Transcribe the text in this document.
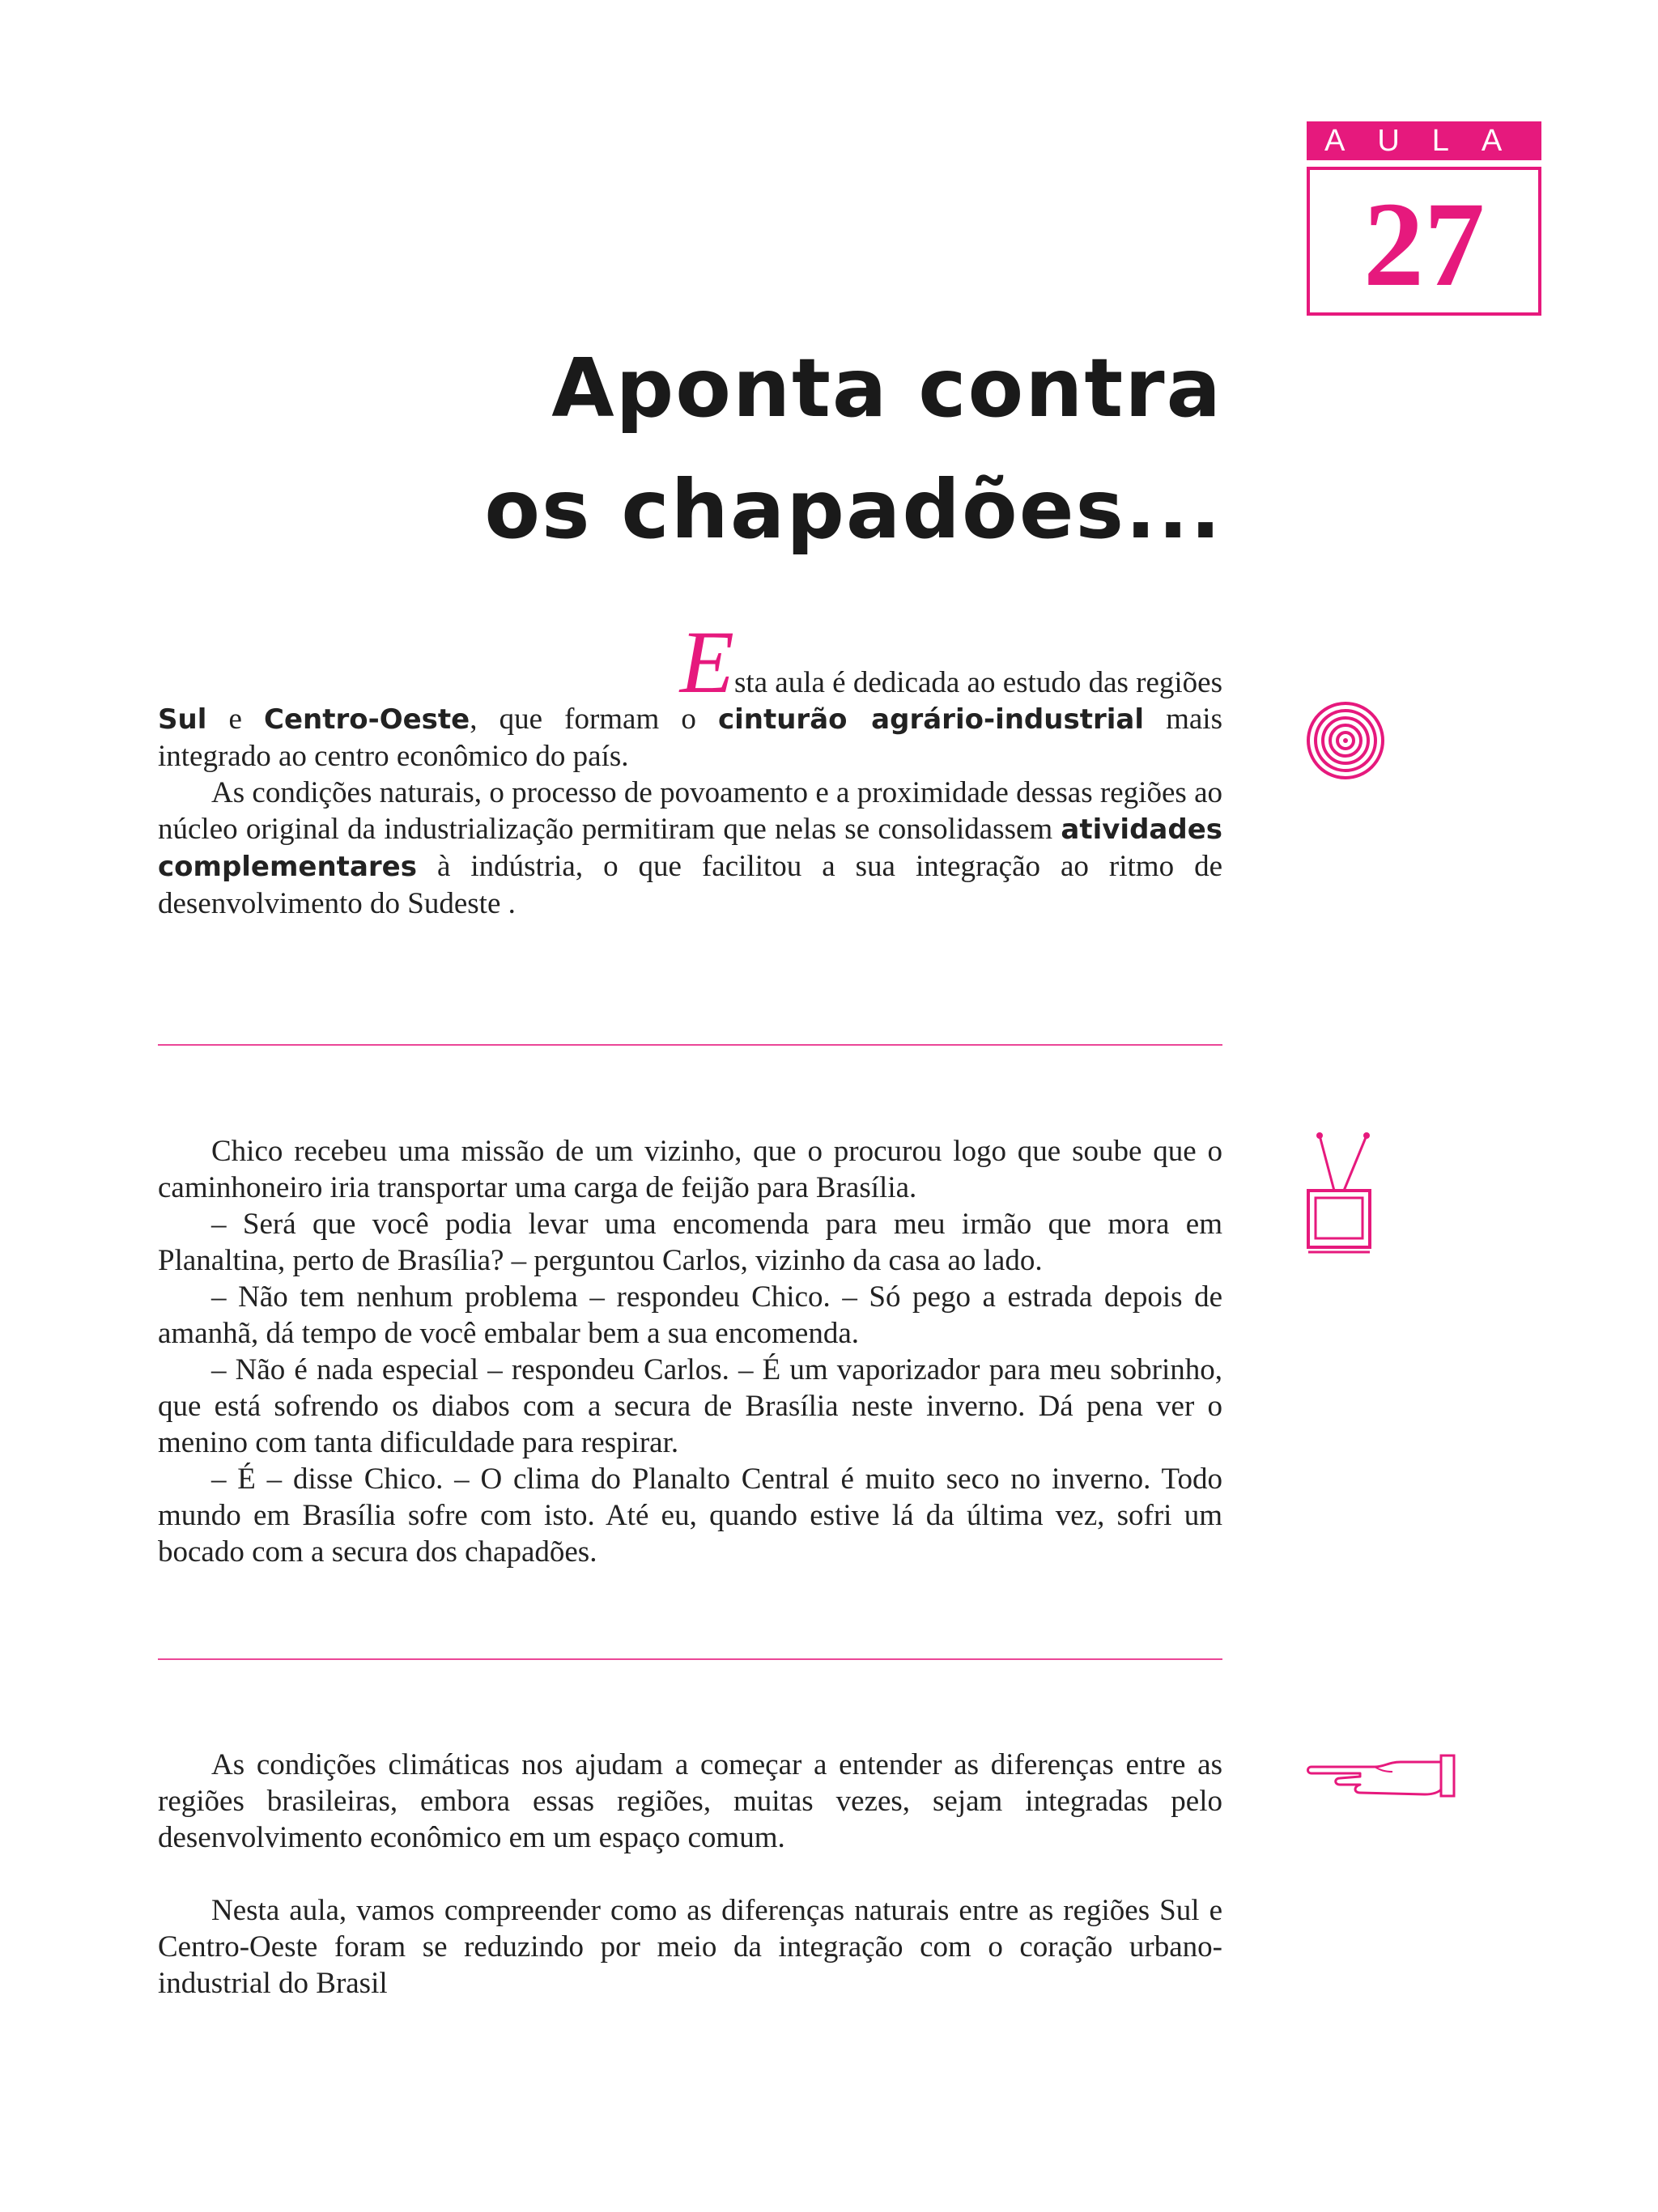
AULA
27
Aponta contra
os chapadões...

Esta aula é dedicada ao estudo das regiões
Sul e Centro-Oeste, que formam o cinturão agrário-industrial mais integrado ao centro econômico do país.

As condições naturais, o processo de povoamento e a proximidade dessas regiões ao núcleo original da industrialização permitiram que nelas se consolidassem atividades complementares à indústria, o que facilitou a sua integração ao ritmo de desenvolvimento do Sudeste .

Chico recebeu uma missão de um vizinho, que o procurou logo que soube que o caminhoneiro iria transportar uma carga de feijão para Brasília.

– Será que você podia levar uma encomenda para meu irmão que mora em Planaltina, perto de Brasília? – perguntou Carlos, vizinho da casa ao lado.

– Não tem nenhum problema – respondeu Chico. – Só pego a estrada depois de amanhã, dá tempo de você embalar bem a sua encomenda.

– Não é nada especial – respondeu Carlos. – É um vaporizador para meu sobrinho, que está sofrendo os diabos com a secura de Brasília neste inverno. Dá pena ver o menino com tanta dificuldade para respirar.

– É – disse Chico. – O clima do Planalto Central é muito seco no inverno. Todo mundo em Brasília sofre com isto. Até eu, quando estive lá da última vez, sofri um bocado com a secura dos chapadões.

As condições climáticas nos ajudam a começar a entender as diferenças entre as regiões brasileiras, embora essas regiões, muitas vezes, sejam integradas pelo desenvolvimento econômico em um espaço comum.

Nesta aula, vamos compreender como as diferenças naturais entre as regiões Sul e Centro-Oeste foram se reduzindo por meio da integração com o coração urbano-industrial do Brasil
